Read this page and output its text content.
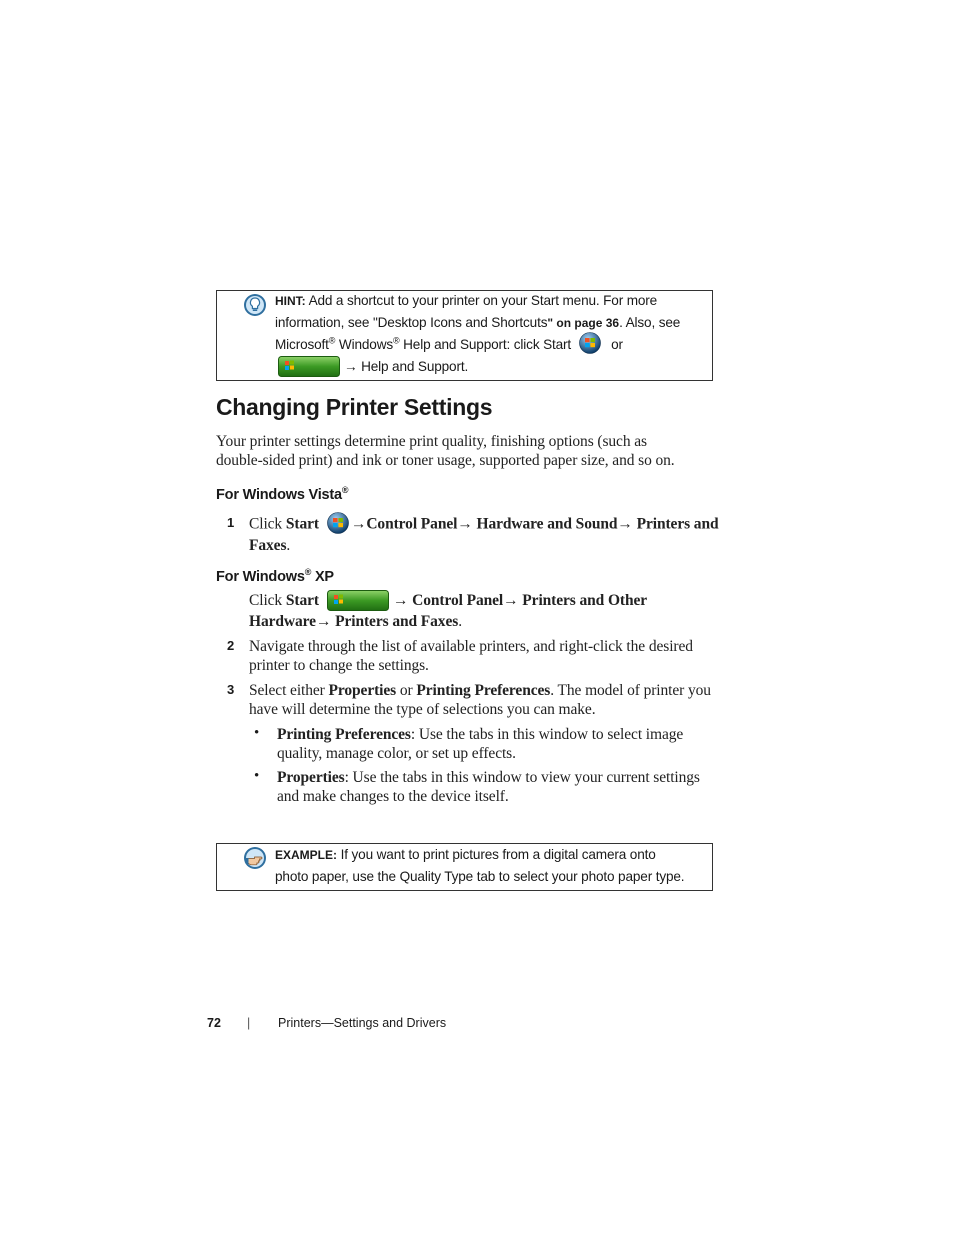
HINT: Add a shortcut to your printer on your Start menu. For more
information, see "Desktop Icons and Shortcuts" on page 36. Also, see
Microsoft® Windows® Help and Support: click Start	or
→ Help and Support.
Changing Printer Settings
Your printer settings determine print quality, finishing options (such as
double-sided print) and ink or toner usage, supported paper size, and so on.
For Windows Vista®
1 Click Start →Control Panel→ Hardware and Sound→ Printers and
Faxes.
For Windows® XP
Click Start	→ Control Panel→ Printers and Other
Hardware→ Printers and Faxes.
2 Navigate through the list of available printers, and right-click the desired
printer to change the settings.
3 Select either Properties or Printing Preferences. The model of printer you
have will determine the type of selections you can make.
• Printing Preferences: Use the tabs in this window to select image
quality, manage color, or set up effects.
• Properties: Use the tabs in this window to view your current settings
and make changes to the device itself.
EXAMPLE: If you want to print pictures from a digital camera onto
photo paper, use the Quality Type tab to select your photo paper type.
72 | Printers—Settings and Drivers
